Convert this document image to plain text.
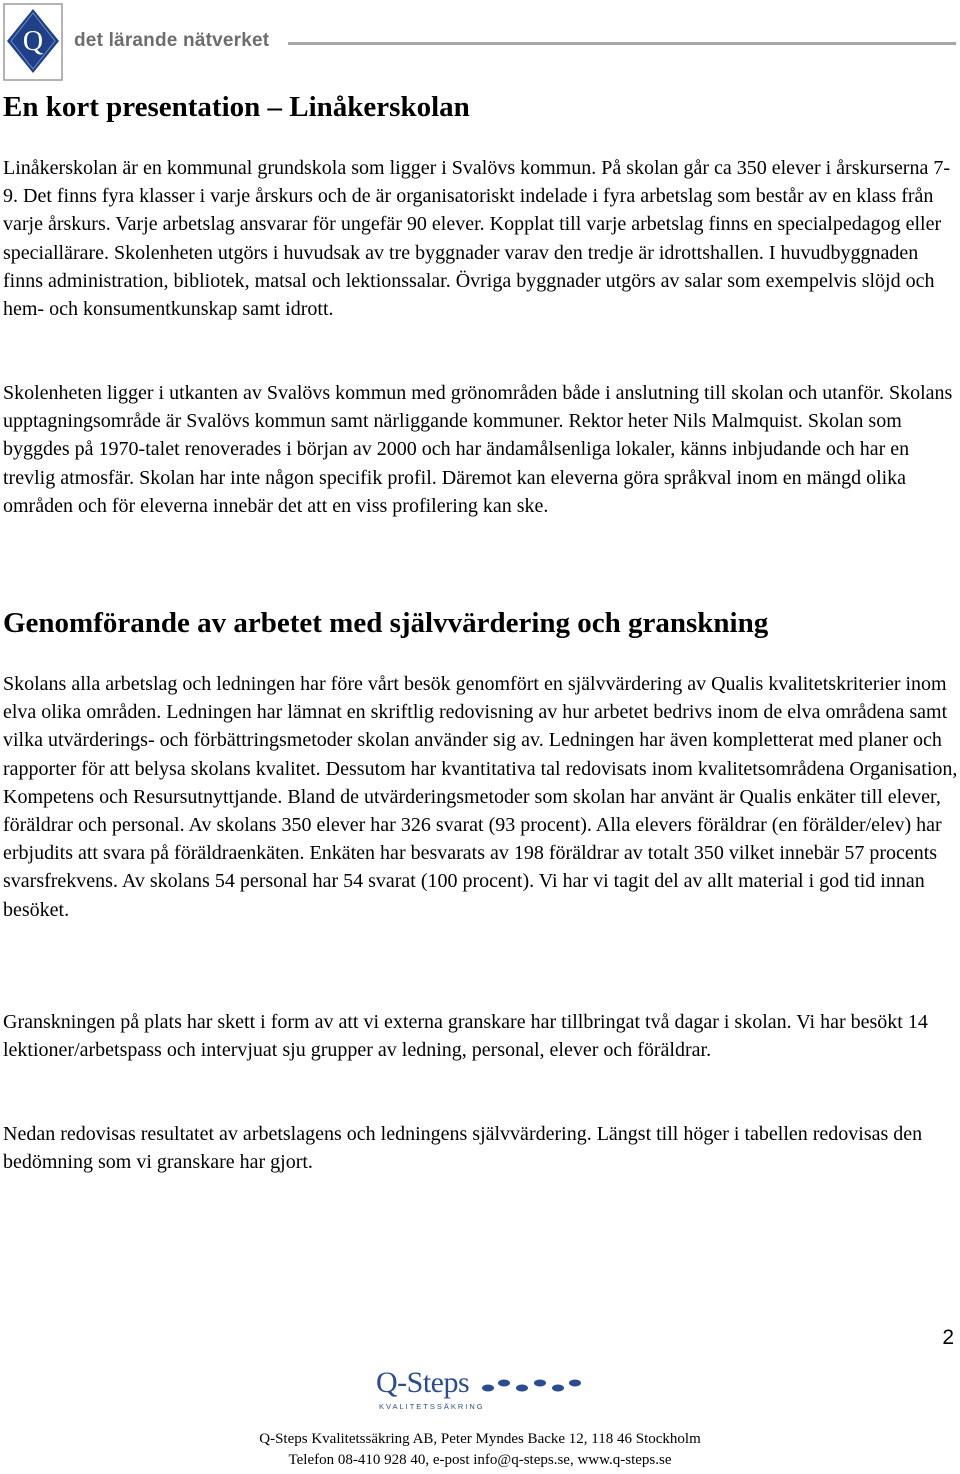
Q det lärande nätverket
En kort presentation – Linåkerskolan

Linåkerskolan är en kommunal grundskola som ligger i Svalövs kommun. På skolan går ca 350 elever i årskurserna 7-9. Det finns fyra klasser i varje årskurs och de är organisatoriskt indelade i fyra arbetslag som består av en klass från varje årskurs. Varje arbetslag ansvarar för ungefär 90 elever. Kopplat till varje arbetslag finns en specialpedagog eller speciallärare. Skolenheten utgörs i huvudsak av tre byggnader varav den tredje är idrottshallen. I huvudbyggnaden finns administration, bibliotek, matsal och lektionssalar. Övriga byggnader utgörs av salar som exempelvis slöjd och hem- och konsumentkunskap samt idrott.

Skolenheten ligger i utkanten av Svalövs kommun med grönområden både i anslutning till skolan och utanför. Skolans upptagningsområde är Svalövs kommun samt närliggande kommuner. Rektor heter Nils Malmquist. Skolan som byggdes på 1970-talet renoverades i början av 2000 och har ändamålsenliga lokaler, känns inbjudande och har en trevlig atmosfär. Skolan har inte någon specifik profil. Däremot kan eleverna göra språkval inom en mängd olika områden och för eleverna innebär det att en viss profilering kan ske.

Genomförande av arbetet med självvärdering och granskning

Skolans alla arbetslag och ledningen har före vårt besök genomfört en självvärdering av Qualis kvalitetskriterier inom elva olika områden. Ledningen har lämnat en skriftlig redovisning av hur arbetet bedrivs inom de elva områdena samt vilka utvärderings- och förbättringsmetoder skolan använder sig av. Ledningen har även kompletterat med planer och rapporter för att belysa skolans kvalitet. Dessutom har kvantitativa tal redovisats inom kvalitetsområdena Organisation, Kompetens och Resursutnyttjande. Bland de utvärderingsmetoder som skolan har använt är Qualis enkäter till elever, föräldrar och personal. Av skolans 350 elever har 326 svarat (93 procent). Alla elevers föräldrar (en förälder/elev) har erbjudits att svara på föräldraenkäten. Enkäten har besvarats av 198 föräldrar av totalt 350 vilket innebär 57 procents svarsfrekvens. Av skolans 54 personal har 54 svarat (100 procent). Vi har vi tagit del av allt material i god tid innan besöket.

Granskningen på plats har skett i form av att vi externa granskare har tillbringat två dagar i skolan. Vi har besökt 14 lektioner/arbetspass och intervjuat sju grupper av ledning, personal, elever och föräldrar.

Nedan redovisas resultatet av arbetslagens och ledningens självvärdering. Längst till höger i tabellen redovisas den bedömning som vi granskare har gjort.

2
Q-Steps
KVALITETSSÄKRING
Q-Steps Kvalitetssäkring AB, Peter Myndes Backe 12, 118 46 Stockholm
Telefon 08-410 928 40, e-post info@q-steps.se, www.q-steps.se
